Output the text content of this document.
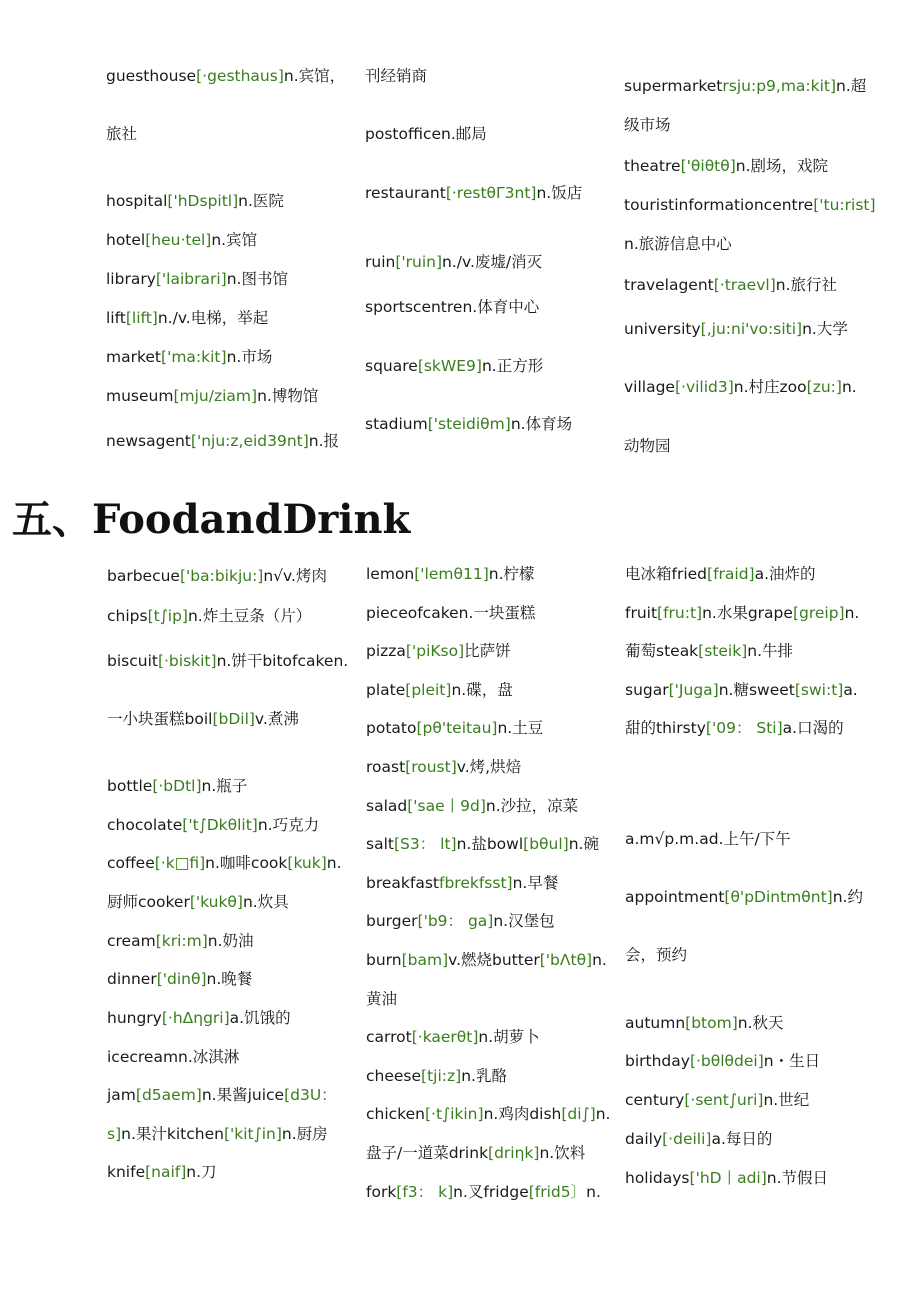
guesthouse[·gesthaus]n.宾馆，
旅社
hospital['hDspitl]n.医院
hotel[heu·tel]n.宾馆
library['laibrari]n.图书馆
lift[lift]n./v.电梯，举起
market['ma:kit]n.市场
museum[mju/ziam]n.博物馆
newsagent['nju:z,eid39nt]n.报
刊经销商
postofficen.邮局
restaurant[·restθΓ3nt]n.饭店
ruin['ruin]n./v.废墟/消灭
sportscentren.体育中心
square[skWE9]n.正方形
stadium['steidiθm]n.体育场
supermarketrsju:p9,ma:kit]n.超
级市场
theatre['θiθtθ]n.剧场，戏院
touristinformationcentre['tu:rist]
n.旅游信息中心
travelagent[·traevl]n.旅行社
university[,ju:ni'vo:siti]n.大学
village[·vilid3]n.村庄zoo[zu:]n.
动物园
五、FoodandDrink
barbecue['ba:bikju:]n√v.烤肉
chips[t∫ip]n.炸土豆条（片）
biscuit[·biskit]n.饼干bitofcaken.
一小块蛋糕boil[bDil]v.煮沸
bottle[·bDtl]n.瓶子
chocolate['t∫Dkθlit]n.巧克力
coffee[·k□fi]n.咖啡cook[kuk]n.
厨师cooker['kukθ]n.炊具
cream[kri:m]n.奶油
dinner['dinθ]n.晚餐
hungry[·hΔηgri]a.饥饿的
icecreamn.冰淇淋
jam[d5aem]n.果酱juice[d3U：
s]n.果汁kitchen['kit∫in]n.厨房
knife[naif]n.刀
lemon['lemθ11]n.柠檬
pieceofcaken.一块蛋糕
pizza['piKso]比萨饼
plate[pleit]n.碟，盘
potato[pθ'teitau]n.土豆
roast[roust]v.烤,烘焙
salad['sae丨9d]n.沙拉，凉菜
salt[S3： lt]n.盐bowl[bθul]n.碗
breakfastfbrekfsst]n.早餐
burger['b9： ga]n.汉堡包
burn[bam]v.燃烧butter['bΛtθ]n.
黄油
carrot[·kaerθt]n.胡萝卜
cheese[tji:z]n.乳酪
chicken[·t∫ikin]n.鸡肉dish[di∫]n.
盘子/一道菜drink[driηk]n.饮料
fork[f3： k]n.叉fridge[frid5〕n.
电冰箱fried[fraid]a.油炸的
fruit[fru:t]n.水果grape[greip]n.
葡萄steak[steik]n.牛排
sugar['Juga]n.糖sweet[swi:t]a.
甜的thirsty['09： Sti]a.口渴的
a.m√p.m.ad.上午/下午
appointment[θ'pDintmθnt]n.约
会，预约
autumn[btom]n.秋天
birthday[·bθlθdei]n・生日
century[·sent∫uri]n.世纪
daily[·deili]a.每日的
holidays['hD丨adi]n.节假日
